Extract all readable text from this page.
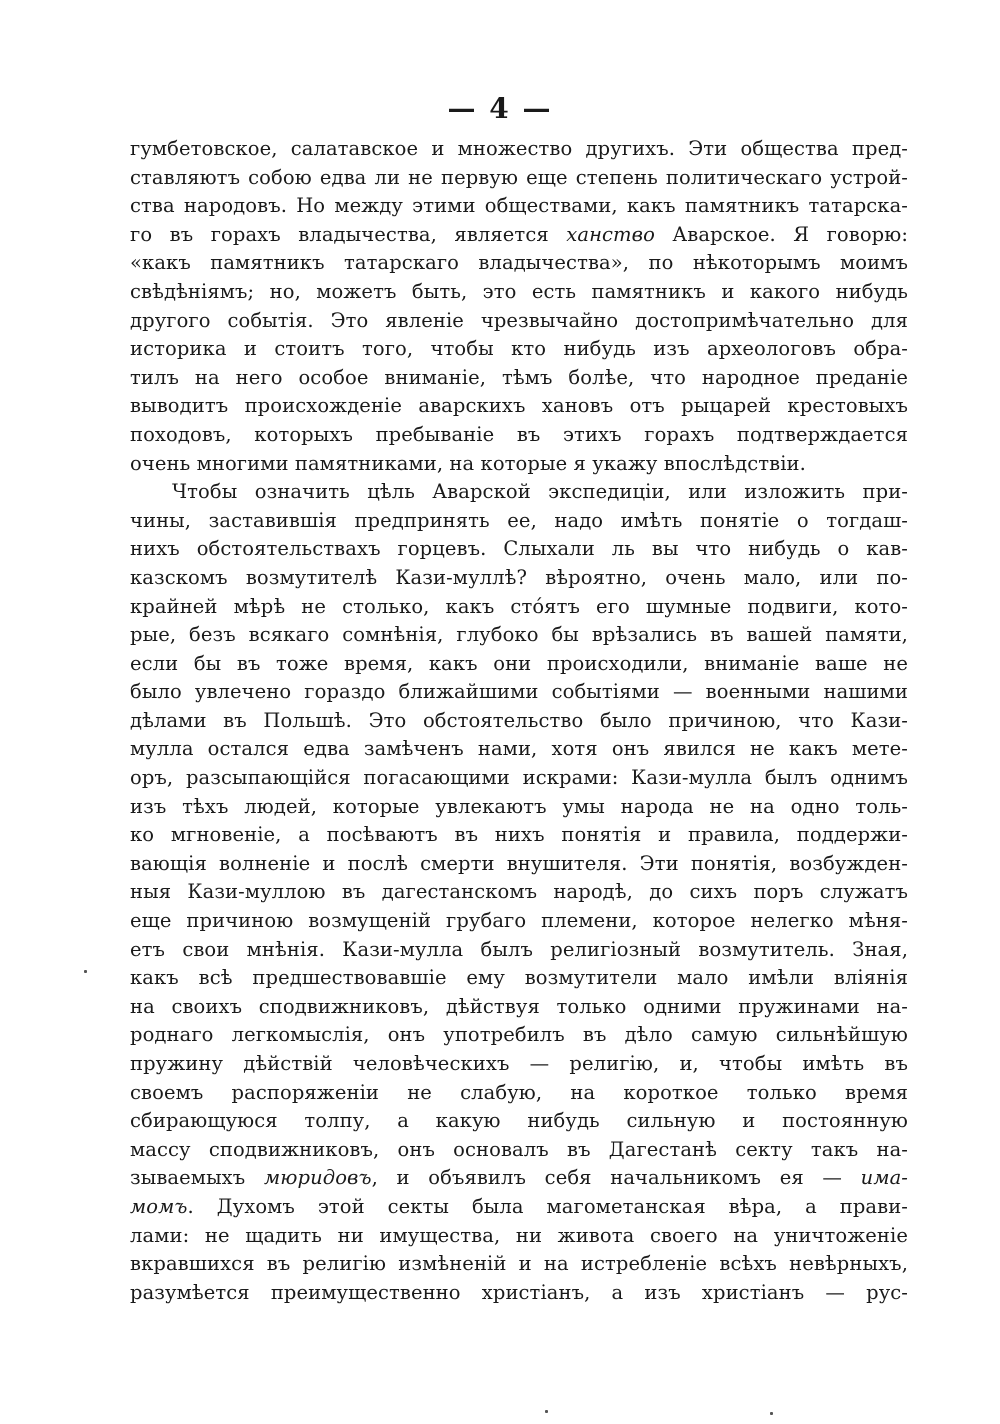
— 4 —
гумбетовское, салатавское и множество другихъ. Эти общества пред-
ставляютъ собою едва ли не первую еще степень политическаго устрой-
ства народовъ. Но между этими обществами, какъ памятникъ татарска-
го въ горахъ владычества, является ханство Аварское. Я говорю:
«какъ памятникъ татарскаго владычества», по нѣкоторымъ моимъ
свѣдѣніямъ; но, можетъ быть, это есть памятникъ и какого нибудь
другого событія. Это явленіе чрезвычайно достопримѣчательно для
историка и стоитъ того, чтобы кто нибудь изъ археологовъ обра-
тилъ на него особое вниманіе, тѣмъ болѣе, что народное преданіе
выводитъ происхожденіе аварскихъ хановъ отъ рыцарей крестовыхъ
походовъ, которыхъ пребываніе въ этихъ горахъ подтверждается
очень многими памятниками, на которые я укажу впослѣдствіи.
Чтобы означить цѣль Аварской экспедиціи, или изложить при-
чины, заставившія предпринять ее, надо имѣть понятіе о тогдаш-
нихъ обстоятельствахъ горцевъ. Слыхали ль вы что нибудь о кав-
казскомъ возмутителѣ Кази-муллѣ? вѣроятно, очень мало, или по-
крайней мѣрѣ не столько, какъ стóятъ его шумные подвиги, кото-
рые, безъ всякаго сомнѣнія, глубоко бы врѣзались въ вашей памяти,
если бы въ тоже время, какъ они происходили, вниманіе ваше не
было увлечено гораздо ближайшими событіями — военными нашими
дѣлами въ Польшѣ. Это обстоятельство было причиною, что Кази-
мулла остался едва замѣченъ нами, хотя онъ явился не какъ мете-
оръ, разсыпающійся погасающими искрами: Кази-мулла былъ однимъ
изъ тѣхъ людей, которые увлекаютъ умы народа не на одно толь-
ко мгновеніе, а посѣваютъ въ нихъ понятія и правила, поддержи-
вающія волненіе и послѣ смерти внушителя. Эти понятія, возбужден-
ныя Кази-муллою въ дагестанскомъ народѣ, до сихъ поръ служатъ
еще причиною возмущеній грубаго племени, которое нелегко мѣня-
етъ свои мнѣнія. Кази-мулла былъ религіозный возмутитель. Зная,
какъ всѣ предшествовавшіе ему возмутители мало имѣли вліянія
на своихъ сподвижниковъ, дѣйствуя только одними пружинами на-
роднаго легкомыслія, онъ употребилъ въ дѣло самую сильнѣйшую
пружину дѣйствій человѣческихъ — религію, и, чтобы имѣть въ
своемъ распоряженіи не слабую, на короткое только время
сбирающуюся толпу, а какую нибудь сильную и постоянную
массу сподвижниковъ, онъ основалъ въ Дагестанѣ секту такъ на-
зываемыхъ мюридовъ, и объявилъ себя начальникомъ ея — има-
момъ. Духомъ этой секты была магометанская вѣра, а прави-
лами: не щадить ни имущества, ни живота своего на уничтоженіе
вкравшихся въ религію измѣненій и на истребленіе всѣхъ невѣрныхъ,
разумѣется преимущественно христіанъ, а изъ христіанъ — рус-
